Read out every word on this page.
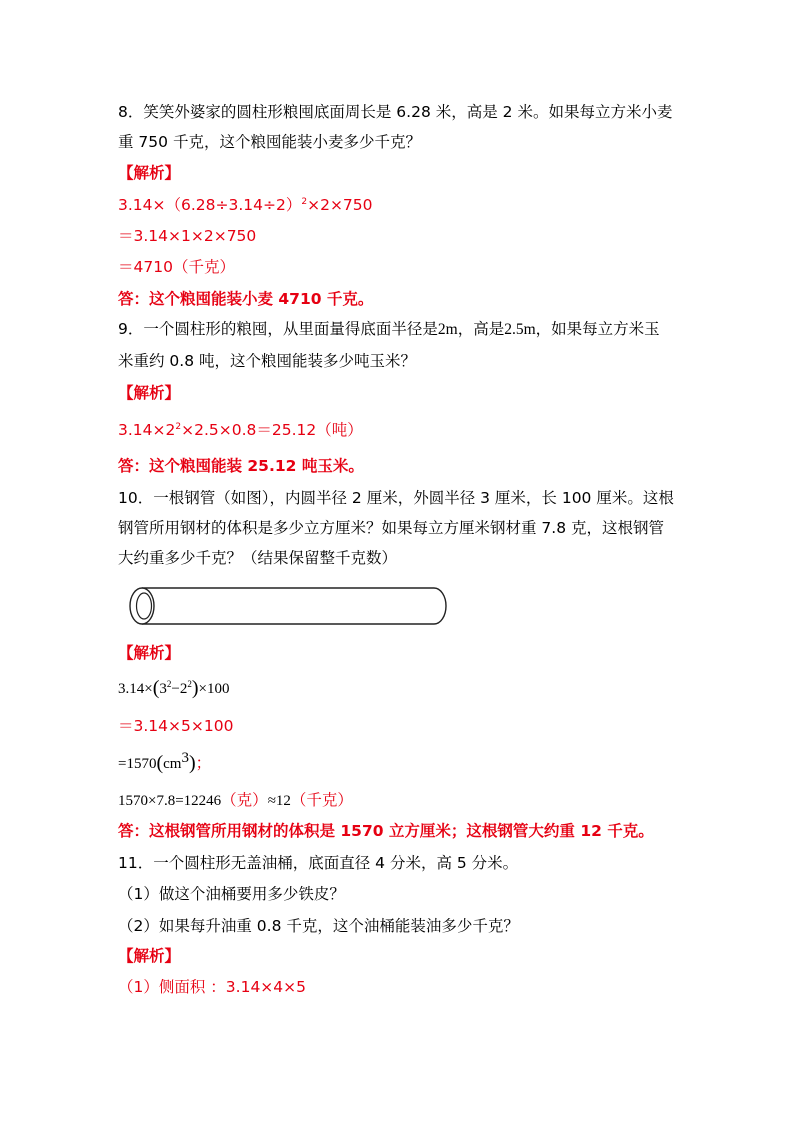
8．笑笑外婆家的圆柱形粮囤底面周长是 6.28 米，高是 2 米。如果每立方米小麦

重 750 千克，这个粮囤能装小麦多少千克？

【解析】

$3.14\times(6.28\div 3.14\div 2)^2\times 2\times 750$

＝3.14×1×2×750

＝4710（千克）

答：这个粮囤能装小麦 4710 千克。

9．一个圆柱形的粮囤，从里面量得底面半径是2m，高是2.5m，如果每立方米玉

米重约 0.8 吨，这个粮囤能装多少吨玉米？

【解析】

$3.14\times 2^2\times 2.5\times 0.8=25.12$（吨）

答：这个粮囤能装 25.12 吨玉米。

10．一根钢管（如图），内圆半径 2 厘米，外圆半径 3 厘米，长 100 厘米。这根

钢管所用钢材的体积是多少立方厘米？如果每立方厘米钢材重 7.8 克，这根钢管

大约重多少千克？（结果保留整千克数）

【解析】

$3.14\times(3^2-2^2)\times 100$

＝3.14×5×100

$=1570(cm^3)$；

1570×7.8=12246（克）≈12（千克）

答：这根钢管所用钢材的体积是 1570 立方厘米；这根钢管大约重 12 千克。

11．一个圆柱形无盖油桶，底面直径 4 分米，高 5 分米。

（1）做这个油桶要用多少铁皮？

（2）如果每升油重 0.8 千克，这个油桶能装油多少千克？

【解析】

（1）侧面积 ：3.14×4×5
